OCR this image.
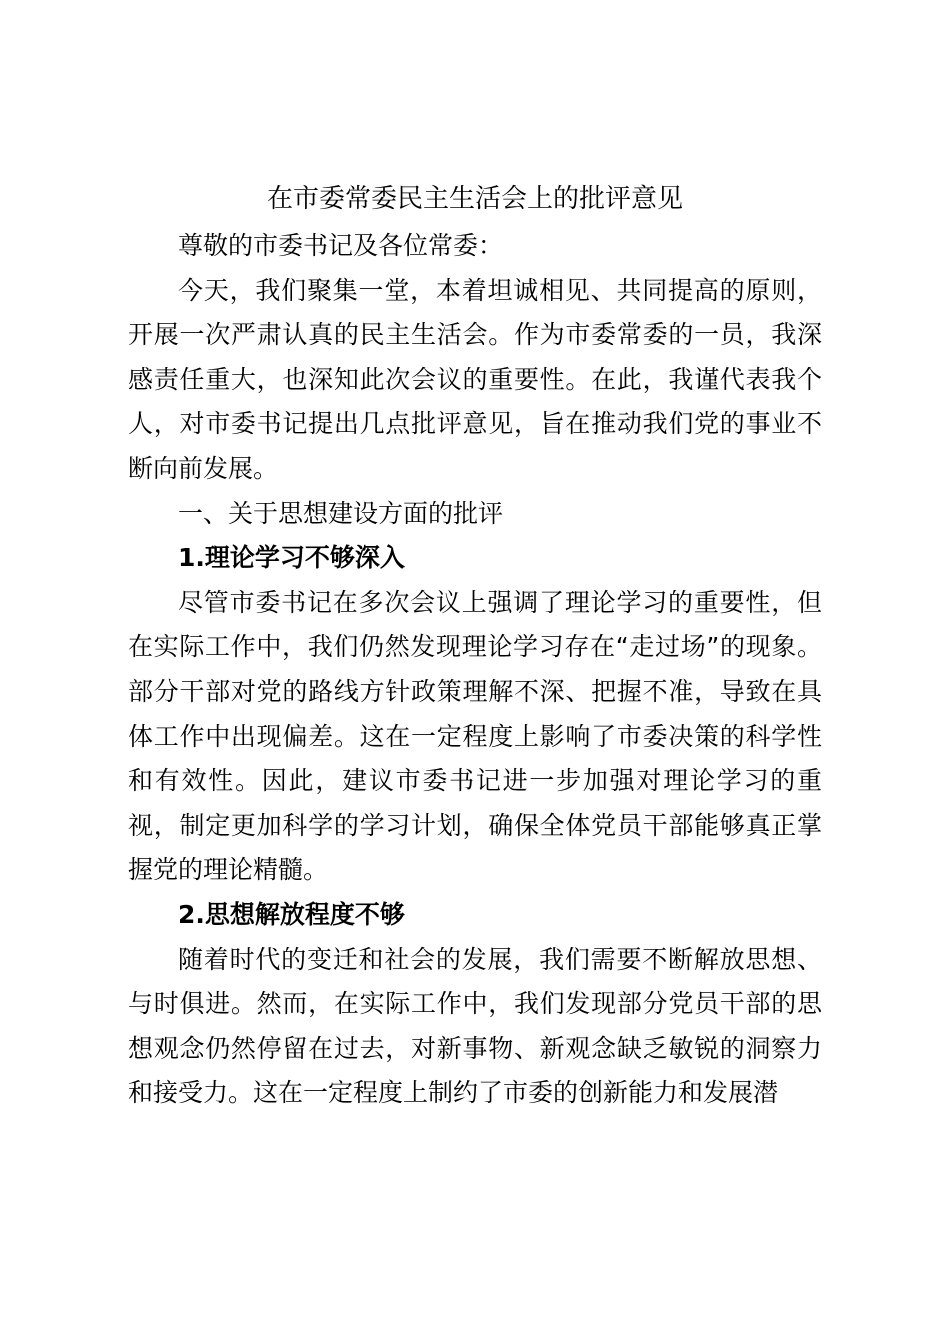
在市委常委民主生活会上的批评意见

尊敬的市委书记及各位常委：

今天，我们聚集一堂，本着坦诚相见、共同提高的原则，开展一次严肃认真的民主生活会。作为市委常委的一员，我深感责任重大，也深知此次会议的重要性。在此，我谨代表我个人，对市委书记提出几点批评意见，旨在推动我们党的事业不断向前发展。

一、关于思想建设方面的批评

1.理论学习不够深入

尽管市委书记在多次会议上强调了理论学习的重要性，但在实际工作中，我们仍然发现理论学习存在“走过场”的现象。部分干部对党的路线方针政策理解不深、把握不准，导致在具体工作中出现偏差。这在一定程度上影响了市委决策的科学性和有效性。因此，建议市委书记进一步加强对理论学习的重视，制定更加科学的学习计划，确保全体党员干部能够真正掌握党的理论精髓。

2.思想解放程度不够

随着时代的变迁和社会的发展，我们需要不断解放思想、与时俱进。然而，在实际工作中，我们发现部分党员干部的思想观念仍然停留在过去，对新事物、新观念缺乏敏锐的洞察力和接受力。这在一定程度上制约了市委的创新能力和发展潜
